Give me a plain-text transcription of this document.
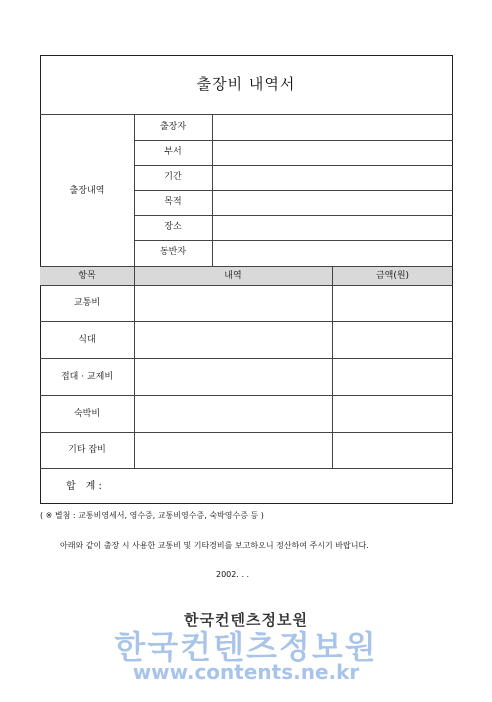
출장비 내역서
출장내역
출장자
부서
기간
목적
장소
동반자
항목	내역	금액(원)
교통비
식대
접대 · 교제비
숙박비
기타 잡비
합　계 :
( ※ 별첨 : 교통비영세서, 영수증, 교통비영수증, 숙박영수증 등 )
아래와 같이 출장 시 사용한 교통비 및 기타경비를 보고하오니 정산하여 주시기 바랍니다.
2002. . .
한국컨텐츠정보원
한국컨텐츠정보원
www.contents.ne.kr
